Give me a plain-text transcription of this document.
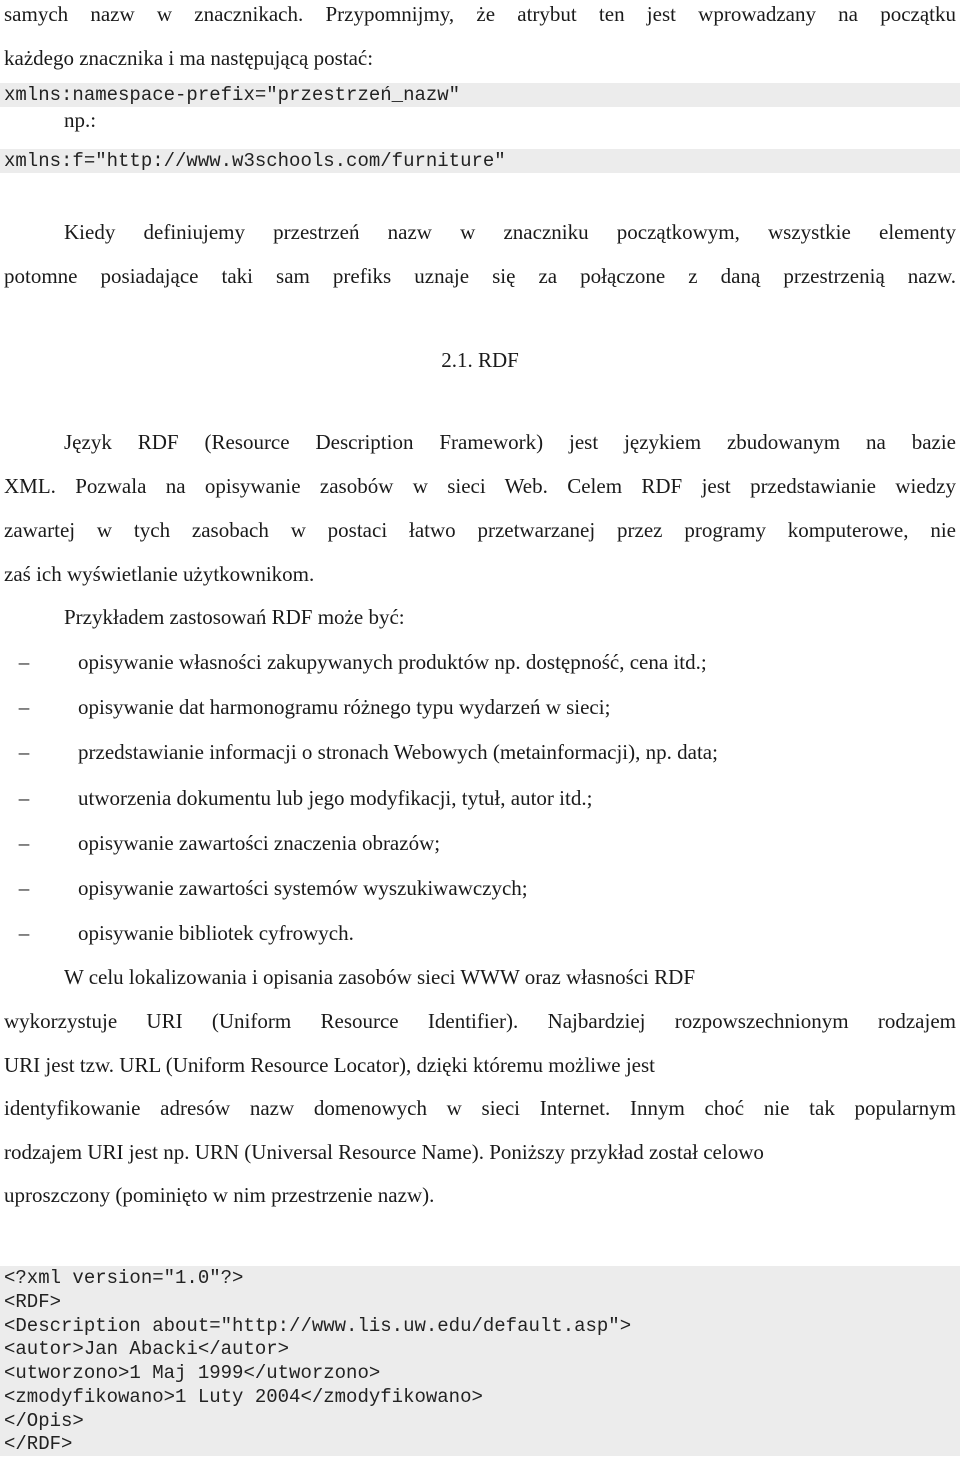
samych nazw w znacznikach. Przypomnijmy, że atrybut ten jest wprowadzany na początku
każdego znacznika i ma następującą postać:
xmlns:namespace-prefix="przestrzeń_nazw"
np.:
xmlns:f="http://www.w3schools.com/furniture"
Kiedy definiujemy przestrzeń nazw w znaczniku początkowym, wszystkie elementy
potomne posiadające taki sam prefiks uznaje się za połączone z daną przestrzenią nazw.
2.1. RDF
Język RDF (Resource Description Framework) jest językiem zbudowanym na bazie
XML. Pozwala na opisywanie zasobów w sieci Web. Celem RDF jest przedstawianie wiedzy
zawartej w tych zasobach w postaci łatwo przetwarzanej przez programy komputerowe, nie
zaś ich wyświetlanie użytkownikom.
Przykładem zastosowań RDF może być:
–	opisywanie własności zakupywanych produktów np. dostępność, cena itd.;
–	opisywanie dat harmonogramu różnego typu wydarzeń w sieci;
–	przedstawianie informacji o stronach Webowych (metainformacji), np. data;
–	utworzenia dokumentu lub jego modyfikacji, tytuł, autor itd.;
–	opisywanie zawartości znaczenia obrazów;
–	opisywanie zawartości systemów wyszukiwawczych;
–	opisywanie bibliotek cyfrowych.
W celu lokalizowania i opisania zasobów sieci WWW oraz własności RDF
wykorzystuje URI (Uniform Resource Identifier). Najbardziej rozpowszechnionym rodzajem
URI jest tzw. URL (Uniform Resource Locator), dzięki któremu możliwe jest
identyfikowanie adresów nazw domenowych w sieci Internet. Innym choć nie tak popularnym
rodzajem URI jest np. URN (Universal Resource Name). Poniższy przykład został celowo
uproszczony (pominięto w nim przestrzenie nazw).
<?xml version="1.0"?>
<RDF>
<Description about="http://www.lis.uw.edu/default.asp">
<autor>Jan Abacki</autor>
<utworzono>1 Maj 1999</utworzono>
<zmodyfikowano>1 Luty 2004</zmodyfikowano>
</Opis>
</RDF>
